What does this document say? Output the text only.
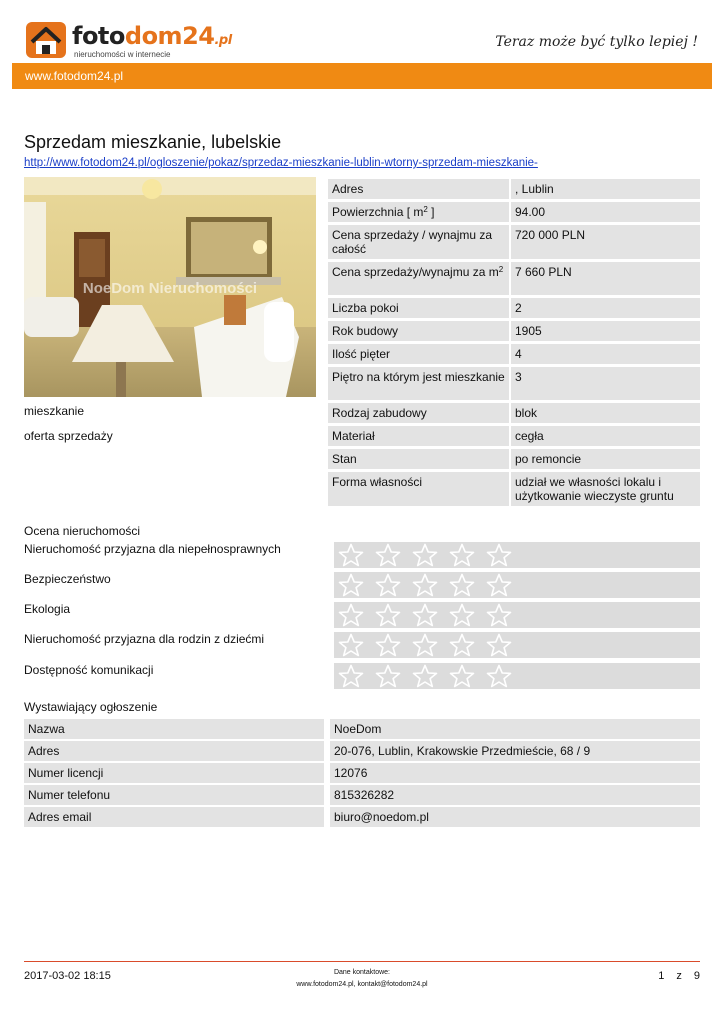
fotodom24.pl
nieruchomości w internecie
Teraz może być tylko lepiej !
www.fotodom24.pl
Sprzedam mieszkanie, lubelskie
http://www.fotodom24.pl/ogloszenie/pokaz/sprzedaz-mieszkanie-lublin-wtorny-sprzedam-mieszkanie-
NoeDom Nieruchomości
mieszkanie
oferta sprzedaży
Adres	, Lublin
Powierzchnia [ $m^2$ ]	94.00
Cena sprzedaży / wynajmu za całość	720 000 PLN
Cena sprzedaży/wynajmu za $m^2$	7 660 PLN
Liczba pokoi	2
Rok budowy	1905
Ilość pięter	4
Piętro na którym jest mieszkanie	3
Rodzaj zabudowy	blok
Materiał	cegła
Stan	po remoncie
Forma własności	udział we własności lokalu i użytkowanie wieczyste gruntu
Ocena nieruchomości
Nieruchomość przyjazna dla niepełnosprawnych
Bezpieczeństwo
Ekologia
Nieruchomość przyjazna dla rodzin z dziećmi
Dostępność komunikacji
Wystawiający ogłoszenie
Nazwa	NoeDom
Adres	20-076, Lublin, Krakowskie Przedmieście, 68 / 9
Numer licencji	12076
Numer telefonu	815326282
Adres email	biuro@noedom.pl
2017-03-02 18:15	Dane kontaktowe:
www.fotodom24.pl, kontakt@fotodom24.pl
1 z 9
